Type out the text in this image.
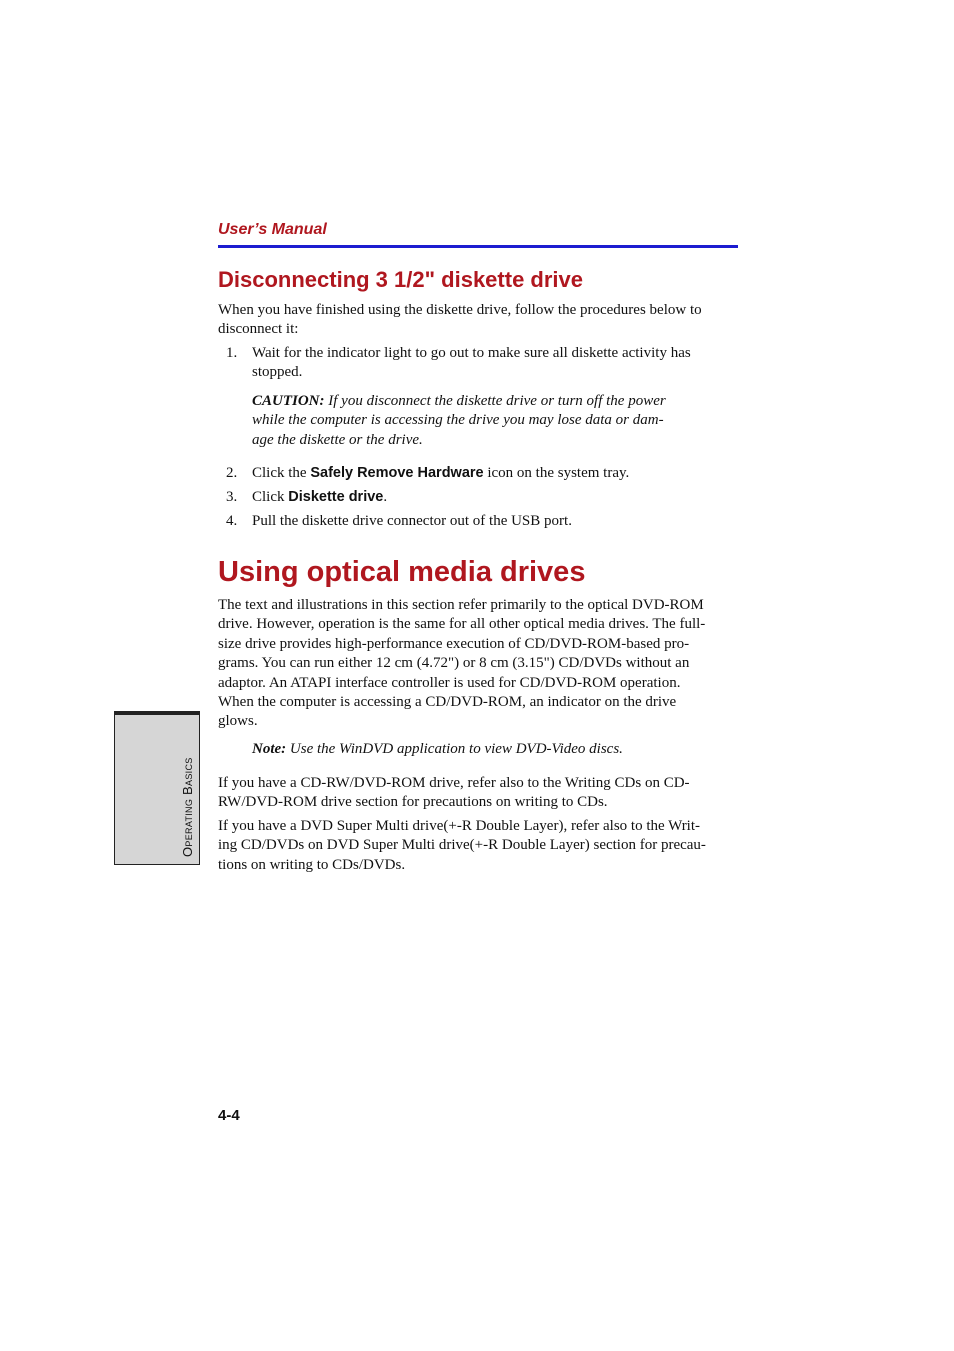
User’s Manual
Disconnecting 3 1/2" diskette drive

When you have finished using the diskette drive, follow the procedures below to
disconnect it:

1. Wait for the indicator light to go out to make sure all diskette activity has
stopped.
CAUTION: If you disconnect the diskette drive or turn off the power
while the computer is accessing the drive you may lose data or dam-
age the diskette or the drive.
2. Click the Safely Remove Hardware icon on the system tray.
3. Click Diskette drive.
4. Pull the diskette drive connector out of the USB port.
Using optical media drives

The text and illustrations in this section refer primarily to the optical DVD-ROM
drive. However, operation is the same for all other optical media drives. The full-
size drive provides high-performance execution of CD/DVD-ROM-based pro-
grams. You can run either 12 cm (4.72") or 8 cm (3.15") CD/DVDs without an
adaptor. An ATAPI interface controller is used for CD/DVD-ROM operation.
When the computer is accessing a CD/DVD-ROM, an indicator on the drive
glows.

Note: Use the WinDVD application to view DVD-Video discs.

If you have a CD-RW/DVD-ROM drive, refer also to the Writing CDs on CD-
RW/DVD-ROM drive section for precautions on writing to CDs.

If you have a DVD Super Multi drive(+-R Double Layer), refer also to the Writ-
ing CD/DVDs on DVD Super Multi drive(+-R Double Layer) section for precau-
tions on writing to CDs/DVDs.

Operating Basics
4-4
